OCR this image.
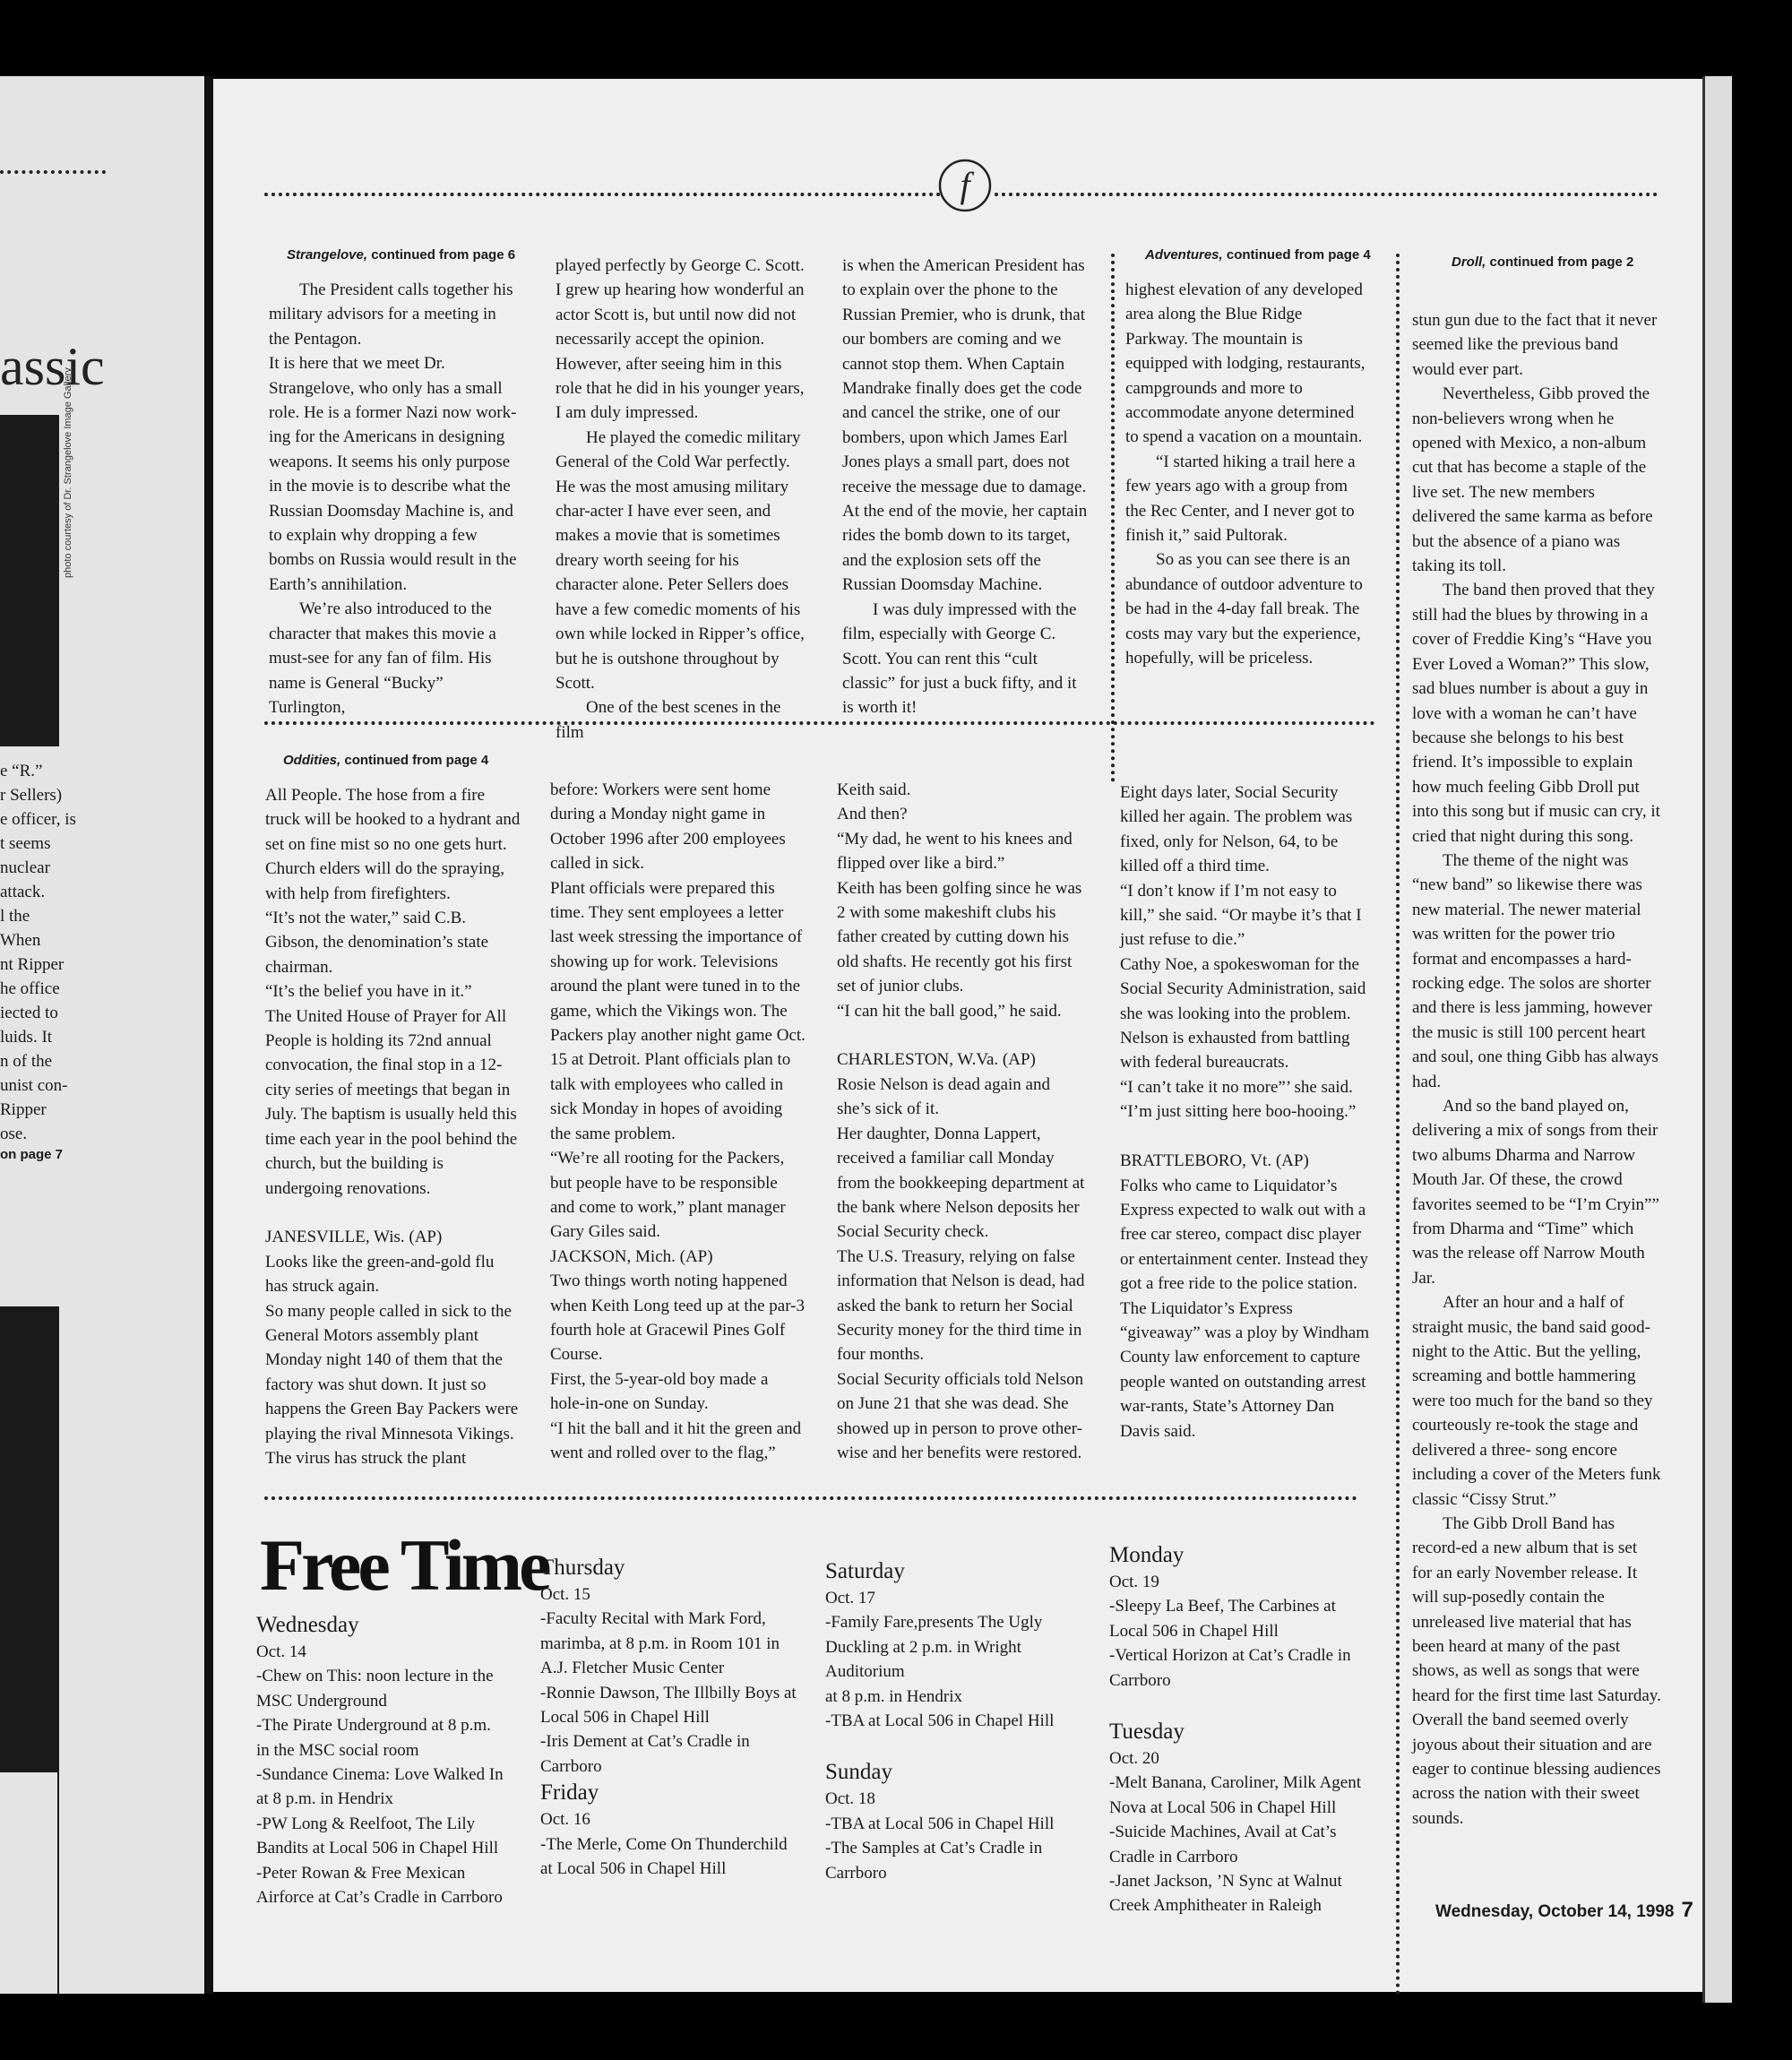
assic
photo courtesy of Dr. Strangelove Image Gallery
die!
e “R.”
r Sellers)
e officer, is
t seems
nuclear
attack.
l the
When
nt Ripper
he office
iected to
luids. It
n of the
unist con-
Ripper
ose.
on page 7
f
Strangelove, continued from page 6

The President calls together his military advisors for a meeting in the Pentagon.

It is here that we meet Dr. Strangelove, who only has a small role. He is a former Nazi now work-ing for the Americans in designing weapons. It seems his only purpose in the movie is to describe what the Russian Doomsday Machine is, and to explain why dropping a few bombs on Russia would result in the Earth’s annihilation.

We’re also introduced to the character that makes this movie a must-see for any fan of film. His name is General “Bucky” Turlington,

played perfectly by George C. Scott. I grew up hearing how wonderful an actor Scott is, but until now did not necessarily accept the opinion. However, after seeing him in this role that he did in his younger years, I am duly impressed.

He played the comedic military General of the Cold War perfectly. He was the most amusing military char-acter I have ever seen, and makes a movie that is sometimes dreary worth seeing for his character alone. Peter Sellers does have a few comedic moments of his own while locked in Ripper’s office, but he is outshone throughout by Scott.

One of the best scenes in the film

is when the American President has to explain over the phone to the Russian Premier, who is drunk, that our bombers are coming and we cannot stop them. When Captain Mandrake finally does get the code and cancel the strike, one of our bombers, upon which James Earl Jones plays a small part, does not receive the message due to damage. At the end of the movie, her captain rides the bomb down to its target, and the explosion sets off the Russian Doomsday Machine.

I was duly impressed with the film, especially with George C. Scott. You can rent this “cult classic” for just a buck fifty, and it is worth it!

Adventures, continued from page 4

highest elevation of any developed area along the Blue Ridge Parkway. The mountain is equipped with lodging, restaurants, campgrounds and more to accommodate anyone determined to spend a vacation on a mountain.

“I started hiking a trail here a few years ago with a group from the Rec Center, and I never got to finish it,” said Pultorak.

So as you can see there is an abundance of outdoor adventure to be had in the 4-day fall break. The costs may vary but the experience, hopefully, will be priceless.

Droll, continued from page 2

stun gun due to the fact that it never seemed like the previous band would ever part.

Nevertheless, Gibb proved the non-believers wrong when he opened with Mexico, a non-album cut that has become a staple of the live set. The new members delivered the same karma as before but the absence of a piano was taking its toll.

The band then proved that they still had the blues by throwing in a cover of Freddie King’s “Have you Ever Loved a Woman?” This slow, sad blues number is about a guy in love with a woman he can’t have because she belongs to his best friend. It’s impossible to explain how much feeling Gibb Droll put into this song but if music can cry, it cried that night during this song.

The theme of the night was “new band” so likewise there was new material. The newer material was written for the power trio format and encompasses a hard-rocking edge. The solos are shorter and there is less jamming, however the music is still 100 percent heart and soul, one thing Gibb has always had.

And so the band played on, delivering a mix of songs from their two albums Dharma and Narrow Mouth Jar. Of these, the crowd favorites seemed to be “I’m Cryin”” from Dharma and “Time” which was the release off Narrow Mouth Jar.

After an hour and a half of straight music, the band said good-night to the Attic. But the yelling, screaming and bottle hammering were too much for the band so they courteously re-took the stage and delivered a three- song encore including a cover of the Meters funk classic “Cissy Strut.”

The Gibb Droll Band has record-ed a new album that is set for an early November release. It will sup-posedly contain the unreleased live material that has been heard at many of the past shows, as well as songs that were heard for the first time last Saturday. Overall the band seemed overly joyous about their situation and are eager to continue blessing audiences across the nation with their sweet sounds.

Oddities, continued from page 4

All People. The hose from a fire truck will be hooked to a hydrant and set on fine mist so no one gets hurt. Church elders will do the spraying, with help from firefighters.

“It’s not the water,” said C.B. Gibson, the denomination’s state chairman.

“It’s the belief you have in it.”

The United House of Prayer for All People is holding its 72nd annual convocation, the final stop in a 12-city series of meetings that began in July. The baptism is usually held this time each year in the pool behind the church, but the building is undergoing renovations.

JANESVILLE, Wis. (AP)

Looks like the green-and-gold flu has struck again.

So many people called in sick to the General Motors assembly plant Monday night 140 of them that the factory was shut down. It just so happens the Green Bay Packers were playing the rival Minnesota Vikings. The virus has struck the plant

before: Workers were sent home during a Monday night game in October 1996 after 200 employees called in sick.

Plant officials were prepared this time. They sent employees a letter last week stressing the importance of showing up for work. Televisions around the plant were tuned in to the game, which the Vikings won. The Packers play another night game Oct. 15 at Detroit. Plant officials plan to talk with employees who called in sick Monday in hopes of avoiding the same problem.

“We’re all rooting for the Packers, but people have to be responsible and come to work,” plant manager Gary Giles said.

JACKSON, Mich. (AP)

Two things worth noting happened when Keith Long teed up at the par-3 fourth hole at Gracewil Pines Golf Course.

First, the 5-year-old boy made a hole-in-one on Sunday.

“I hit the ball and it hit the green and went and rolled over to the flag,”

Keith said.

And then?

“My dad, he went to his knees and flipped over like a bird.”

Keith has been golfing since he was 2 with some makeshift clubs his father created by cutting down his old shafts. He recently got his first set of junior clubs.

“I can hit the ball good,” he said.

CHARLESTON, W.Va. (AP)

Rosie Nelson is dead again and she’s sick of it.

Her daughter, Donna Lappert, received a familiar call Monday from the bookkeeping department at the bank where Nelson deposits her Social Security check.

The U.S. Treasury, relying on false information that Nelson is dead, had asked the bank to return her Social Security money for the third time in four months.

Social Security officials told Nelson on June 21 that she was dead. She showed up in person to prove other-wise and her benefits were restored.

Eight days later, Social Security killed her again. The problem was fixed, only for Nelson, 64, to be killed off a third time.

“I don’t know if I’m not easy to kill,” she said. “Or maybe it’s that I just refuse to die.”

Cathy Noe, a spokeswoman for the Social Security Administration, said she was looking into the problem. Nelson is exhausted from battling with federal bureaucrats.

“I can’t take it no more”’ she said. “I’m just sitting here boo-hooing.”

BRATTLEBORO, Vt. (AP)

Folks who came to Liquidator’s Express expected to walk out with a free car stereo, compact disc player or entertainment center. Instead they got a free ride to the police station.

The Liquidator’s Express “giveaway” was a ploy by Windham County law enforcement to capture people wanted on outstanding arrest war-rants, State’s Attorney Dan Davis said.

Wednesday

Oct. 14

-Chew on This: noon lecture in the MSC Underground

-The Pirate Underground at 8 p.m. in the MSC social room

-Sundance Cinema: Love Walked In at 8 p.m. in Hendrix

-PW Long & Reelfoot, The Lily Bandits at Local 506 in Chapel Hill

-Peter Rowan & Free Mexican Airforce at Cat’s Cradle in Carrboro

Thursday

Oct. 15

-Faculty Recital with Mark Ford, marimba, at 8 p.m. in Room 101 in A.J. Fletcher Music Center

-Ronnie Dawson, The Illbilly Boys at Local 506 in Chapel Hill

-Iris Dement at Cat’s Cradle in Carrboro

Friday

Oct. 16

-The Merle, Come On Thunderchild at Local 506 in Chapel Hill

Saturday

Oct. 17

-Family Fare,presents The Ugly Duckling at 2 p.m. in Wright Auditorium

at 8 p.m. in Hendrix

-TBA at Local 506 in Chapel Hill

Sunday

Oct. 18

-TBA at Local 506 in Chapel Hill

-The Samples at Cat’s Cradle in Carrboro

Monday

Oct. 19

-Sleepy La Beef, The Carbines at Local 506 in Chapel Hill

-Vertical Horizon at Cat’s Cradle in Carrboro

Tuesday

Oct. 20

-Melt Banana, Caroliner, Milk Agent Nova at Local 506 in Chapel Hill

-Suicide Machines, Avail at Cat’s Cradle in Carrboro

-Janet Jackson, ’N Sync at Walnut Creek Amphitheater in Raleigh	Wednesday, October 14, 1998 7
Free Time
